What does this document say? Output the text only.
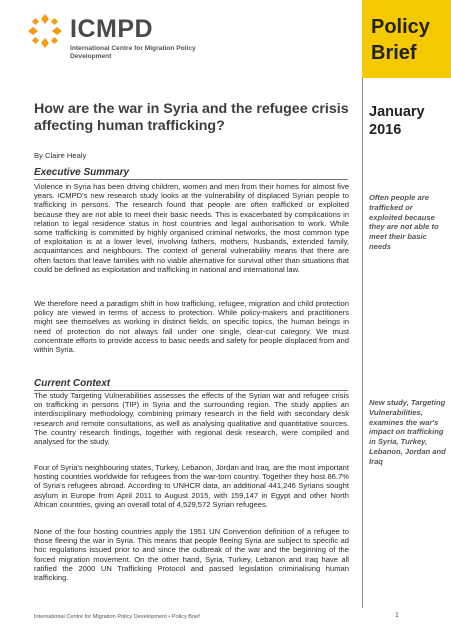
ICMPD
International Centre for Migration Policy Development
Policy Brief
January 2016
Often people are trafficked or exploited because they are not able to meet their basic needs
New study, Targeting Vulnerabilities, examines the war's impact on trafficking in Syria, Turkey, Lebanon, Jordan and Iraq
How are the war in Syria and the refugee crisis affecting human trafficking?
By Claire Healy
Executive Summary

Violence in Syria has been driving children, women and men from their homes for almost five years. ICMPD's new research study looks at the vulnerability of displaced Syrian people to trafficking in persons. The research found that people are often trafficked or exploited because they are not able to meet their basic needs. This is exacerbated by complications in relation to legal residence status in host countries and legal authorisation to work. While some trafficking is committed by highly organised criminal networks, the most common type of exploitation is at a lower level, involving fathers, mothers, husbands, extended family, acquaintances and neighbours. The context of general vulnerability means that there are often factors that leave families with no viable alternative for survival other than situations that could be defined as exploitation and trafficking in national and international law.

We therefore need a paradigm shift in how trafficking, refugee, migration and child protection policy are viewed in terms of access to protection. While policy-makers and practitioners might see themselves as working in distinct fields, on specific topics, the human beings in need of protection do not always fall under one single, clear-cut category. We must concentrate efforts to provide access to basic needs and safety for people displaced from and within Syria.

Current Context

The study Targeting Vulnerabilities assesses the effects of the Syrian war and refugee crisis on trafficking in persons (TIP) in Syria and the surrounding region. The study applies an interdisciplinary methodology, combining primary research in the field with secondary desk research and remote consultations, as well as analysing qualitative and quantitative sources. The country research findings, together with regional desk research, were compiled and analysed for the study.

Four of Syria's neighbouring states, Turkey, Lebanon, Jordan and Iraq, are the most important hosting countries worldwide for refugees from the war-torn country. Together they host 86.7% of Syria's refugees abroad. According to UNHCR data, an additional 441,246 Syrians sought asylum in Europe from April 2011 to August 2015, with 159,147 in Egypt and other North African countries, giving an overall total of 4,529,572 Syrian refugees.

None of the four hosting countries apply the 1951 UN Convention definition of a refugee to those fleeing the war in Syria. This means that people fleeing Syria are subject to specific ad hoc regulations issued prior to and since the outbreak of the war and the beginning of the forced migration movement. On the other hand, Syria, Turkey, Lebanon and Iraq have all ratified the 2000 UN Trafficking Protocol and passed legislation criminalising human trafficking.

International Centre for Migration Policy Development • Policy Brief	1
